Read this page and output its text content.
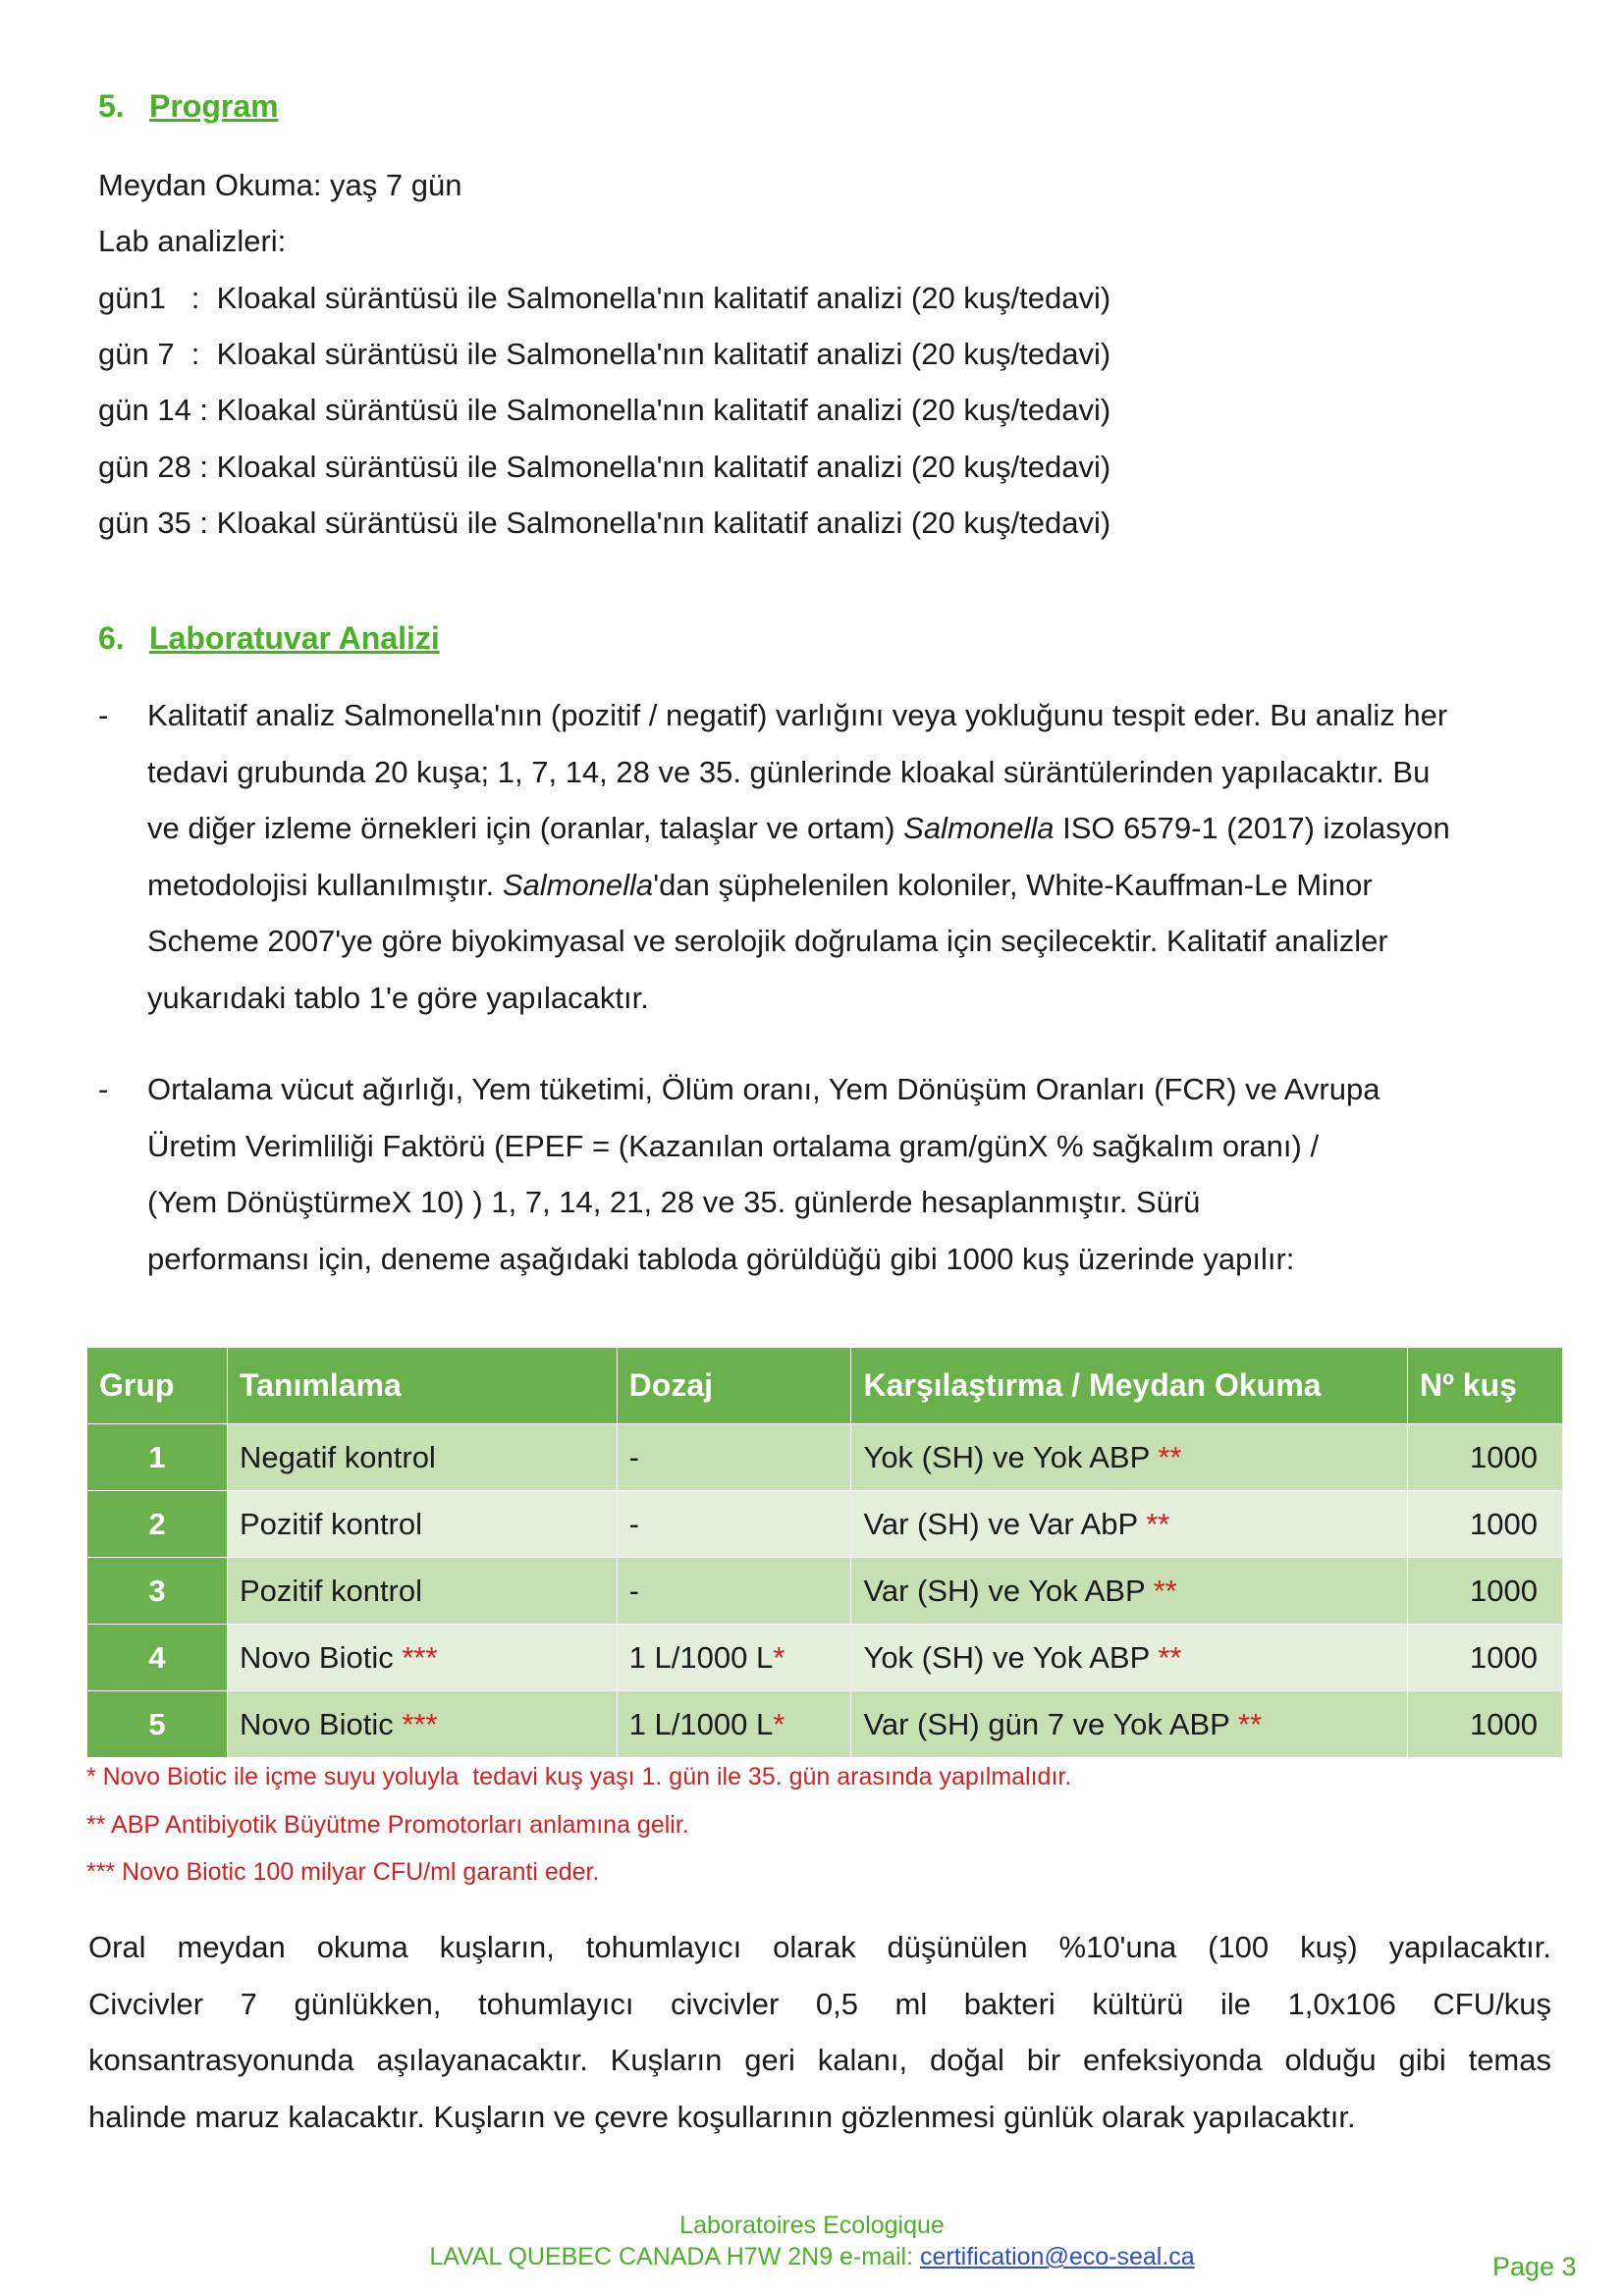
5. Program
Meydan Okuma: yaş 7 gün
Lab analizleri:
gün1   :  Kloakal süräntüsü ile Salmonella'nın kalitatif analizi (20 kuş/tedavi)
gün 7  :  Kloakal süräntüsü ile Salmonella'nın kalitatif analizi (20 kuş/tedavi)
gün 14 : Kloakal süräntüsü ile Salmonella'nın kalitatif analizi (20 kuş/tedavi)
gün 28 : Kloakal süräntüsü ile Salmonella'nın kalitatif analizi (20 kuş/tedavi)
gün 35 : Kloakal süräntüsü ile Salmonella'nın kalitatif analizi (20 kuş/tedavi)
6. Laboratuvar Analizi
- Kalitatif analiz Salmonella'nın (pozitif / negatif) varlığını veya yokluğunu tespit eder. Bu analiz her
tedavi grubunda 20 kuşa; 1, 7, 14, 28 ve 35. günlerinde kloakal süräntülerinden yapılacaktır. Bu
ve diğer izleme örnekleri için (oranlar, talaşlar ve ortam) Salmonella ISO 6579-1 (2017) izolasyon
metodolojisi kullanılmıştır. Salmonella'dan şüphelenilen koloniler, White-Kauffman-Le Minor
Scheme 2007'ye göre biyokimyasal ve serolojik doğrulama için seçilecektir. Kalitatif analizler
yukarıdaki tablo 1'e göre yapılacaktır.
- Ortalama vücut ağırlığı, Yem tüketimi, Ölüm oranı, Yem Dönüşüm Oranları (FCR) ve Avrupa
Üretim Verimliliği Faktörü (EPEF = (Kazanılan ortalama gram/günX % sağkalım oranı) /
(Yem DönüştürmeX 10) ) 1, 7, 14, 21, 28 ve 35. günlerde hesaplanmıştır. Sürü
performansı için, deneme aşağıdaki tabloda görüldüğü gibi 1000 kuş üzerinde yapılır:
Grup	Tanımlama	Dozaj	Karşılaştırma / Meydan Okuma	Nº kuş
1	Negatif kontrol	-	Yok (SH) ve Yok ABP **	1000
2	Pozitif kontrol	-	Var (SH) ve Var AbP **	1000
3	Pozitif kontrol	-	Var (SH) ve Yok ABP **	1000
4	Novo Biotic ***	1 L/1000 L*	Yok (SH) ve Yok ABP **	1000
5	Novo Biotic ***	1 L/1000 L*	Var (SH) gün 7 ve Yok ABP **	1000
* Novo Biotic ile içme suyu yoluyla  tedavi kuş yaşı 1. gün ile 35. gün arasında yapılmalıdır.
** ABP Antibiyotik Büyütme Promotorları anlamına gelir.
*** Novo Biotic 100 milyar CFU/ml garanti eder.
Oral meydan okuma kuşların, tohumlayıcı olarak düşünülen %10'una (100 kuş) yapılacaktır.
Civcivler 7 günlükken, tohumlayıcı civcivler 0,5 ml bakteri kültürü ile 1,0x106 CFU/kuş
konsantrasyonunda aşılayanacaktır. Kuşların geri kalanı, doğal bir enfeksiyonda olduğu gibi temas
halinde maruz kalacaktır. Kuşların ve çevre koşullarının gözlenmesi günlük olarak yapılacaktır.
Laboratoires Ecologique
LAVAL QUEBEC CANADA H7W 2N9 e-mail: certification@eco-seal.ca	Page 3
